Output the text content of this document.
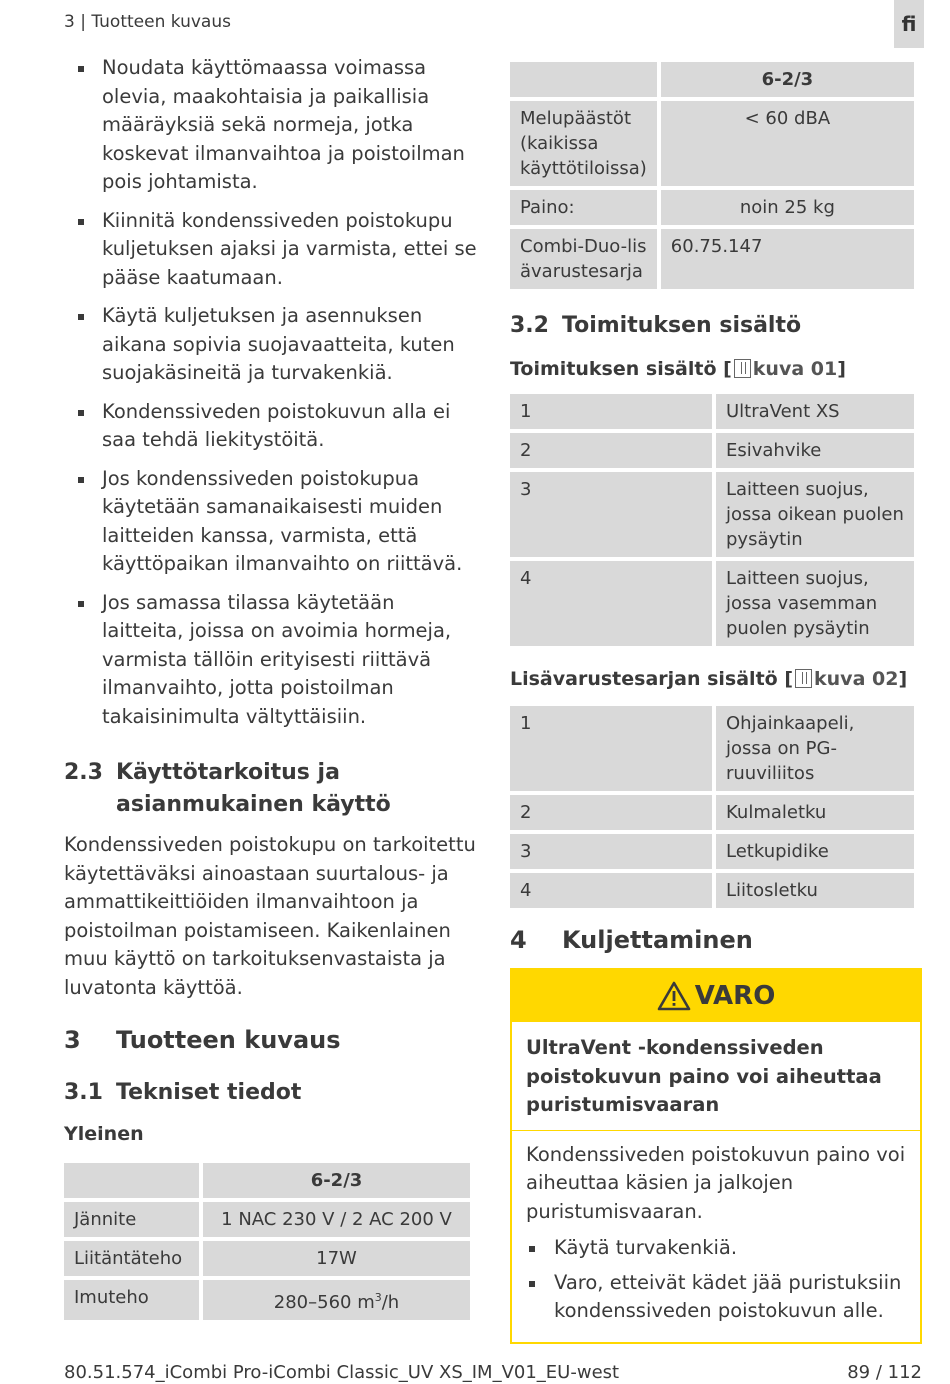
3 | Tuotteen kuvaus	fi
Noudata käyttömaassa voimassa olevia, maakohtaisia ja paikallisia määräyksiä sekä normeja, jotka koskevat ilmanvaihtoa ja poistoilman pois johtamista.
Kiinnitä kondenssiveden poistokupu kuljetuksen ajaksi ja varmista, ettei se pääse kaatumaan.
Käytä kuljetuksen ja asennuksen aikana sopivia suojavaatteita, kuten suojakäsineitä ja turvakenkiä.
Kondenssiveden poistokuvun alla ei saa tehdä liekitystöitä.
Jos kondenssiveden poistokupua käytetään samanaikaisesti muiden laitteiden kanssa, varmista, että käyttöpaikan ilmanvaihto on riittävä.
Jos samassa tilassa käytetään laitteita, joissa on avoimia hormeja, varmista tällöin erityisesti riittävä ilmanvaihto, jotta poistoilman takaisinimulta vältyttäisiin.
2.3 Käyttötarkoitus ja asianmukainen käyttö
Kondenssiveden poistokupu on tarkoitettu käytettäväksi ainoastaan suurtalous- ja ammattikeittiöiden ilmanvaihtoon ja poistoilman poistamiseen. Kaikenlainen muu käyttö on tarkoituksenvastaista ja luvatonta käyttöä.
3	Tuotteen kuvaus
3.1 Tekniset tiedot
Yleinen
	6-2/3
Jännite	1 NAC 230 V / 2 AC 200 V
Liitäntäteho	17W
Imuteho	280–560 $m^3/h$
	6-2/3
Melupäästöt (kaikissa käyttötiloissa)	< 60 dBA
Paino:	noin 25 kg
Combi-Duo-lisävarustesarja	60.75.147
3.2 Toimituksen sisältö
Toimituksen sisältö [ kuva 01]
1	UltraVent XS
2	Esivahvike
3	Laitteen suojus, jossa oikean puolen pysäytin
4	Laitteen suojus, jossa vasemman puolen pysäytin
Lisävarustesarjan sisältö [ kuva 02]
1	Ohjainkaapeli, jossa on PG-ruuviliitos
2	Kulmaletku
3	Letkupidike
4	Liitosletku
4	Kuljettaminen
VARO
UltraVent -kondenssiveden poistokuvun paino voi aiheuttaa puristumisvaaran
Kondenssiveden poistokuvun paino voi aiheuttaa käsien ja jalkojen puristumisvaaran.
Käytä turvakenkiä.
Varo, etteivät kädet jää puristuksiin kondenssiveden poistokuvun alle.
80.51.574_iCombi Pro-iCombi Classic_UV XS_IM_V01_EU-west	89 / 112
